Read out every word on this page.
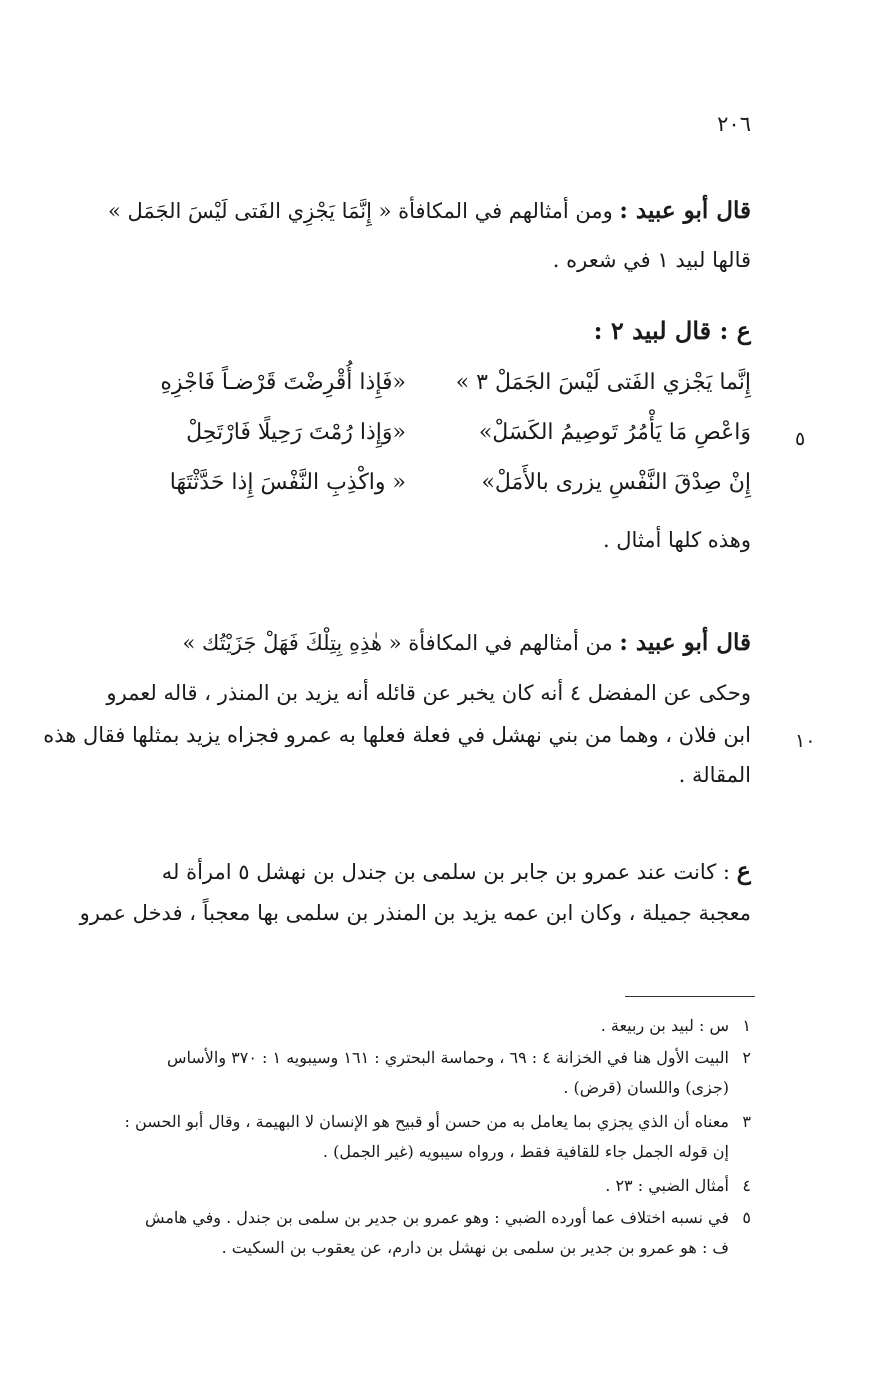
٢٠٦
قال أبو عبيد : ومن أمثالهم في المكافأة « إِنَّمَا يَجْزِي الفَتى لَيْسَ الجَمَل »
قالها لبيد ١ في شعره .
ع : قال لبيد ٢ :
إِنَّما يَجْزي الفَتى لَيْسَ الجَمَلْ ٣ »
«فَإِذا أُقْرِضْتَ قَرْضـاً فَاجْزِهِ
وَاعْصِ مَا يَأْمُرُ تَوصِيمُ الكَسَلْ»
«وَإِذا رُمْتَ رَحِيلًا فَارْتَحِلْ
إِنْ صِدْقَ النَّفْسِ يزرى بالأَمَلْ»
« واكْذِبِ النَّفْسَ إِذا حَدَّثْتَهَا
٥
وهذه كلها أمثال .
قال أبو عبيد : من أمثالهم في المكافأة « هٰذِهِ بِتِلْكَ فَهَلْ جَزَيْتُك »
وحكى عن المفضل ٤ أنه كان يخبر عن قائله أنه يزيد بن المنذر ، قاله لعمرو
ابن فلان ، وهما من بني نهشل في فعلة فعلها به عمرو فجزاه يزيد بمثلها فقال هذه
المقالة .
١٠
ع : كانت عند عمرو بن جابر بن سلمى بن جندل بن نهشل ٥ امرأة له
معجبة جميلة ، وكان ابن عمه يزيد بن المنذر بن سلمى بها معجباً ، فدخل عمرو
١س : لبيد بن ربيعة .
٢البيت الأول هنا في الخزانة ٤ : ٦٩ ، وحماسة البحتري : ١٦١ وسيبويه ١ : ٣٧٠ والأساس
(جزى) واللسان (قرض) .
٣معناه أن الذي يجزي بما يعامل به من حسن أو قبيح هو الإنسان لا البهيمة ، وقال أبو الحسن :
إن قوله الجمل جاء للقافية فقط ، ورواه سيبويه (غير الجمل) .
٤أمثال الضبي : ٢٣ .
٥في نسبه اختلاف عما أورده الضبي : وهو عمرو بن جدير بن سلمى بن جندل . وفي هامش
ف : هو عمرو بن جدير بن سلمى بن نهشل بن دارم، عن يعقوب بن السكيت .
